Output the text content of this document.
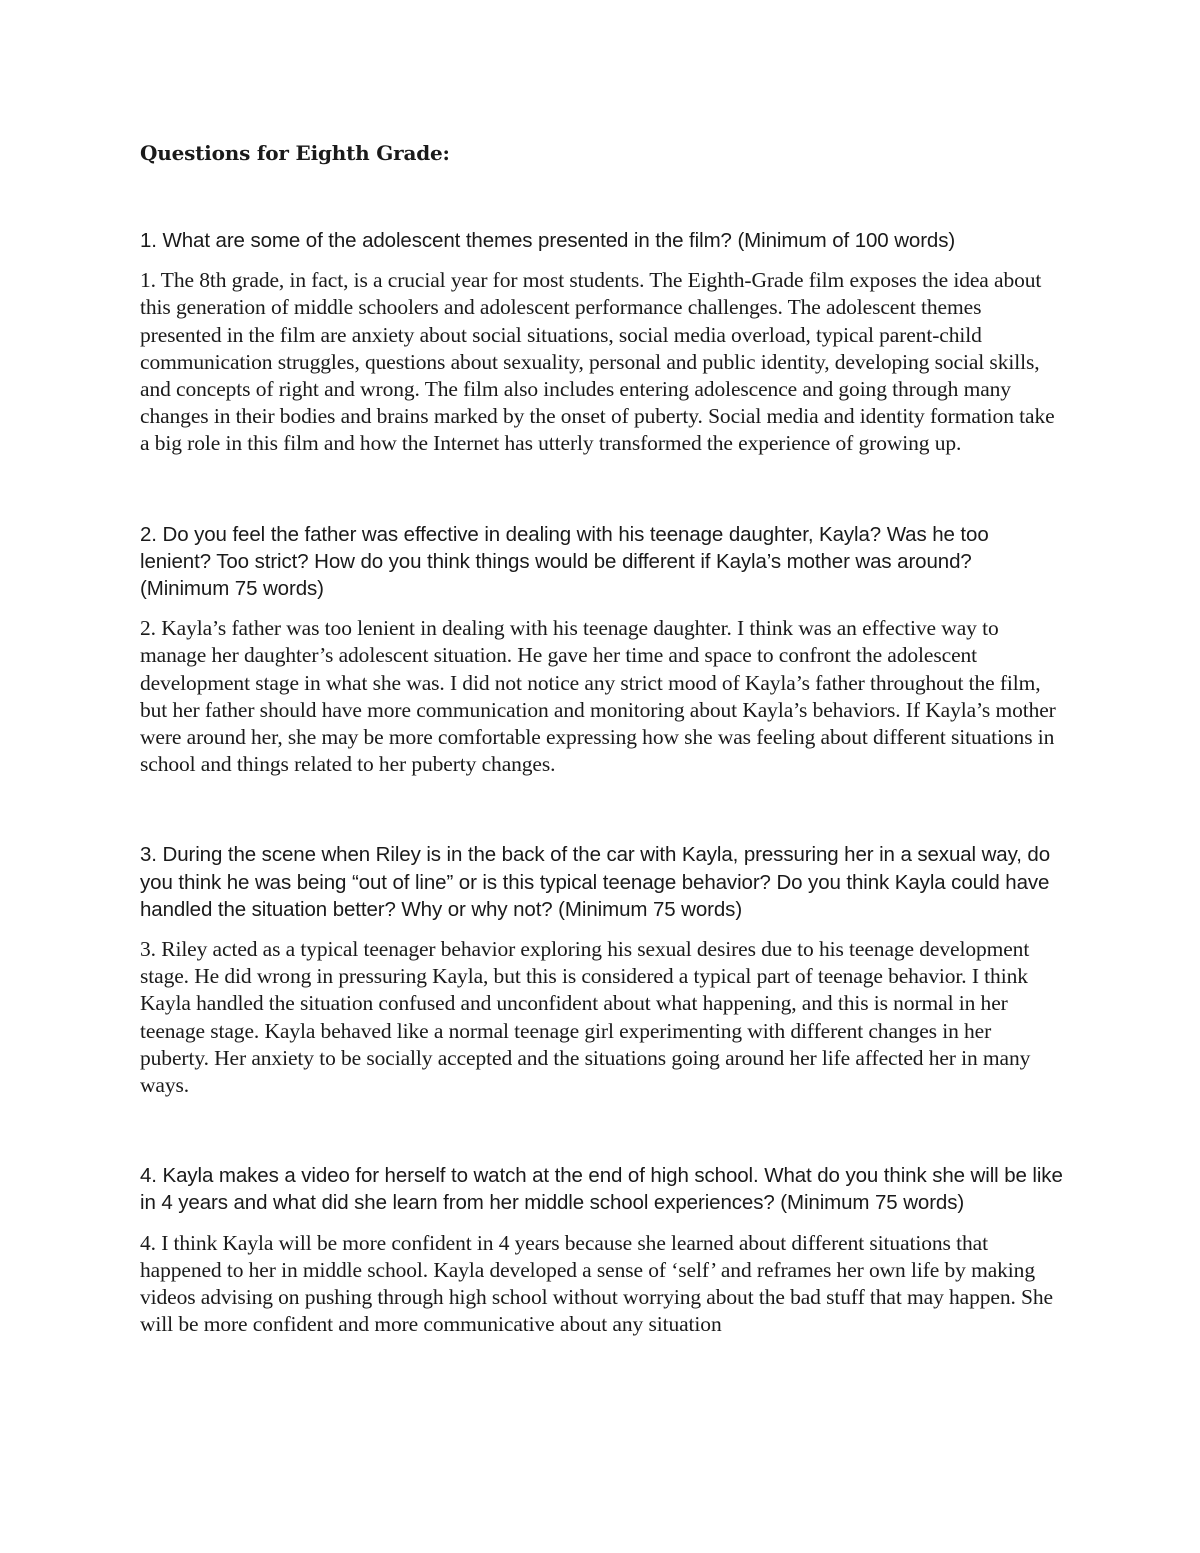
Questions for Eighth Grade:

1. What are some of the adolescent themes presented in the film? (Minimum of 100 words)

1. The 8th grade, in fact, is a crucial year for most students. The Eighth-Grade film exposes the idea about this generation of middle schoolers and adolescent performance challenges. The adolescent themes presented in the film are anxiety about social situations, social media overload, typical parent-child communication struggles, questions about sexuality, personal and public identity, developing social skills, and concepts of right and wrong. The film also includes entering adolescence and going through many changes in their bodies and brains marked by the onset of puberty. Social media and identity formation take a big role in this film and how the Internet has utterly transformed the experience of growing up.

2. Do you feel the father was effective in dealing with his teenage daughter, Kayla? Was he too lenient? Too strict? How do you think things would be different if Kayla’s mother was around? (Minimum 75 words)

2. Kayla’s father was too lenient in dealing with his teenage daughter. I think was an effective way to manage her daughter’s adolescent situation. He gave her time and space to confront the adolescent development stage in what she was. I did not notice any strict mood of Kayla’s father throughout the film, but her father should have more communication and monitoring about Kayla’s behaviors. If Kayla’s mother were around her, she may be more comfortable expressing how she was feeling about different situations in school and things related to her puberty changes.

3. During the scene when Riley is in the back of the car with Kayla, pressuring her in a sexual way, do you think he was being “out of line” or is this typical teenage behavior? Do you think Kayla could have handled the situation better? Why or why not? (Minimum 75 words)

3. Riley acted as a typical teenager behavior exploring his sexual desires due to his teenage development stage. He did wrong in pressuring Kayla, but this is considered a typical part of teenage behavior. I think Kayla handled the situation confused and unconfident about what happening, and this is normal in her teenage stage. Kayla behaved like a normal teenage girl experimenting with different changes in her puberty. Her anxiety to be socially accepted and the situations going around her life affected her in many ways.

4. Kayla makes a video for herself to watch at the end of high school. What do you think she will be like in 4 years and what did she learn from her middle school experiences? (Minimum 75 words)

4. I think Kayla will be more confident in 4 years because she learned about different situations that happened to her in middle school. Kayla developed a sense of ‘self’ and reframes her own life by making videos advising on pushing through high school without worrying about the bad stuff that may happen. She will be more confident and more communicative about any situation
